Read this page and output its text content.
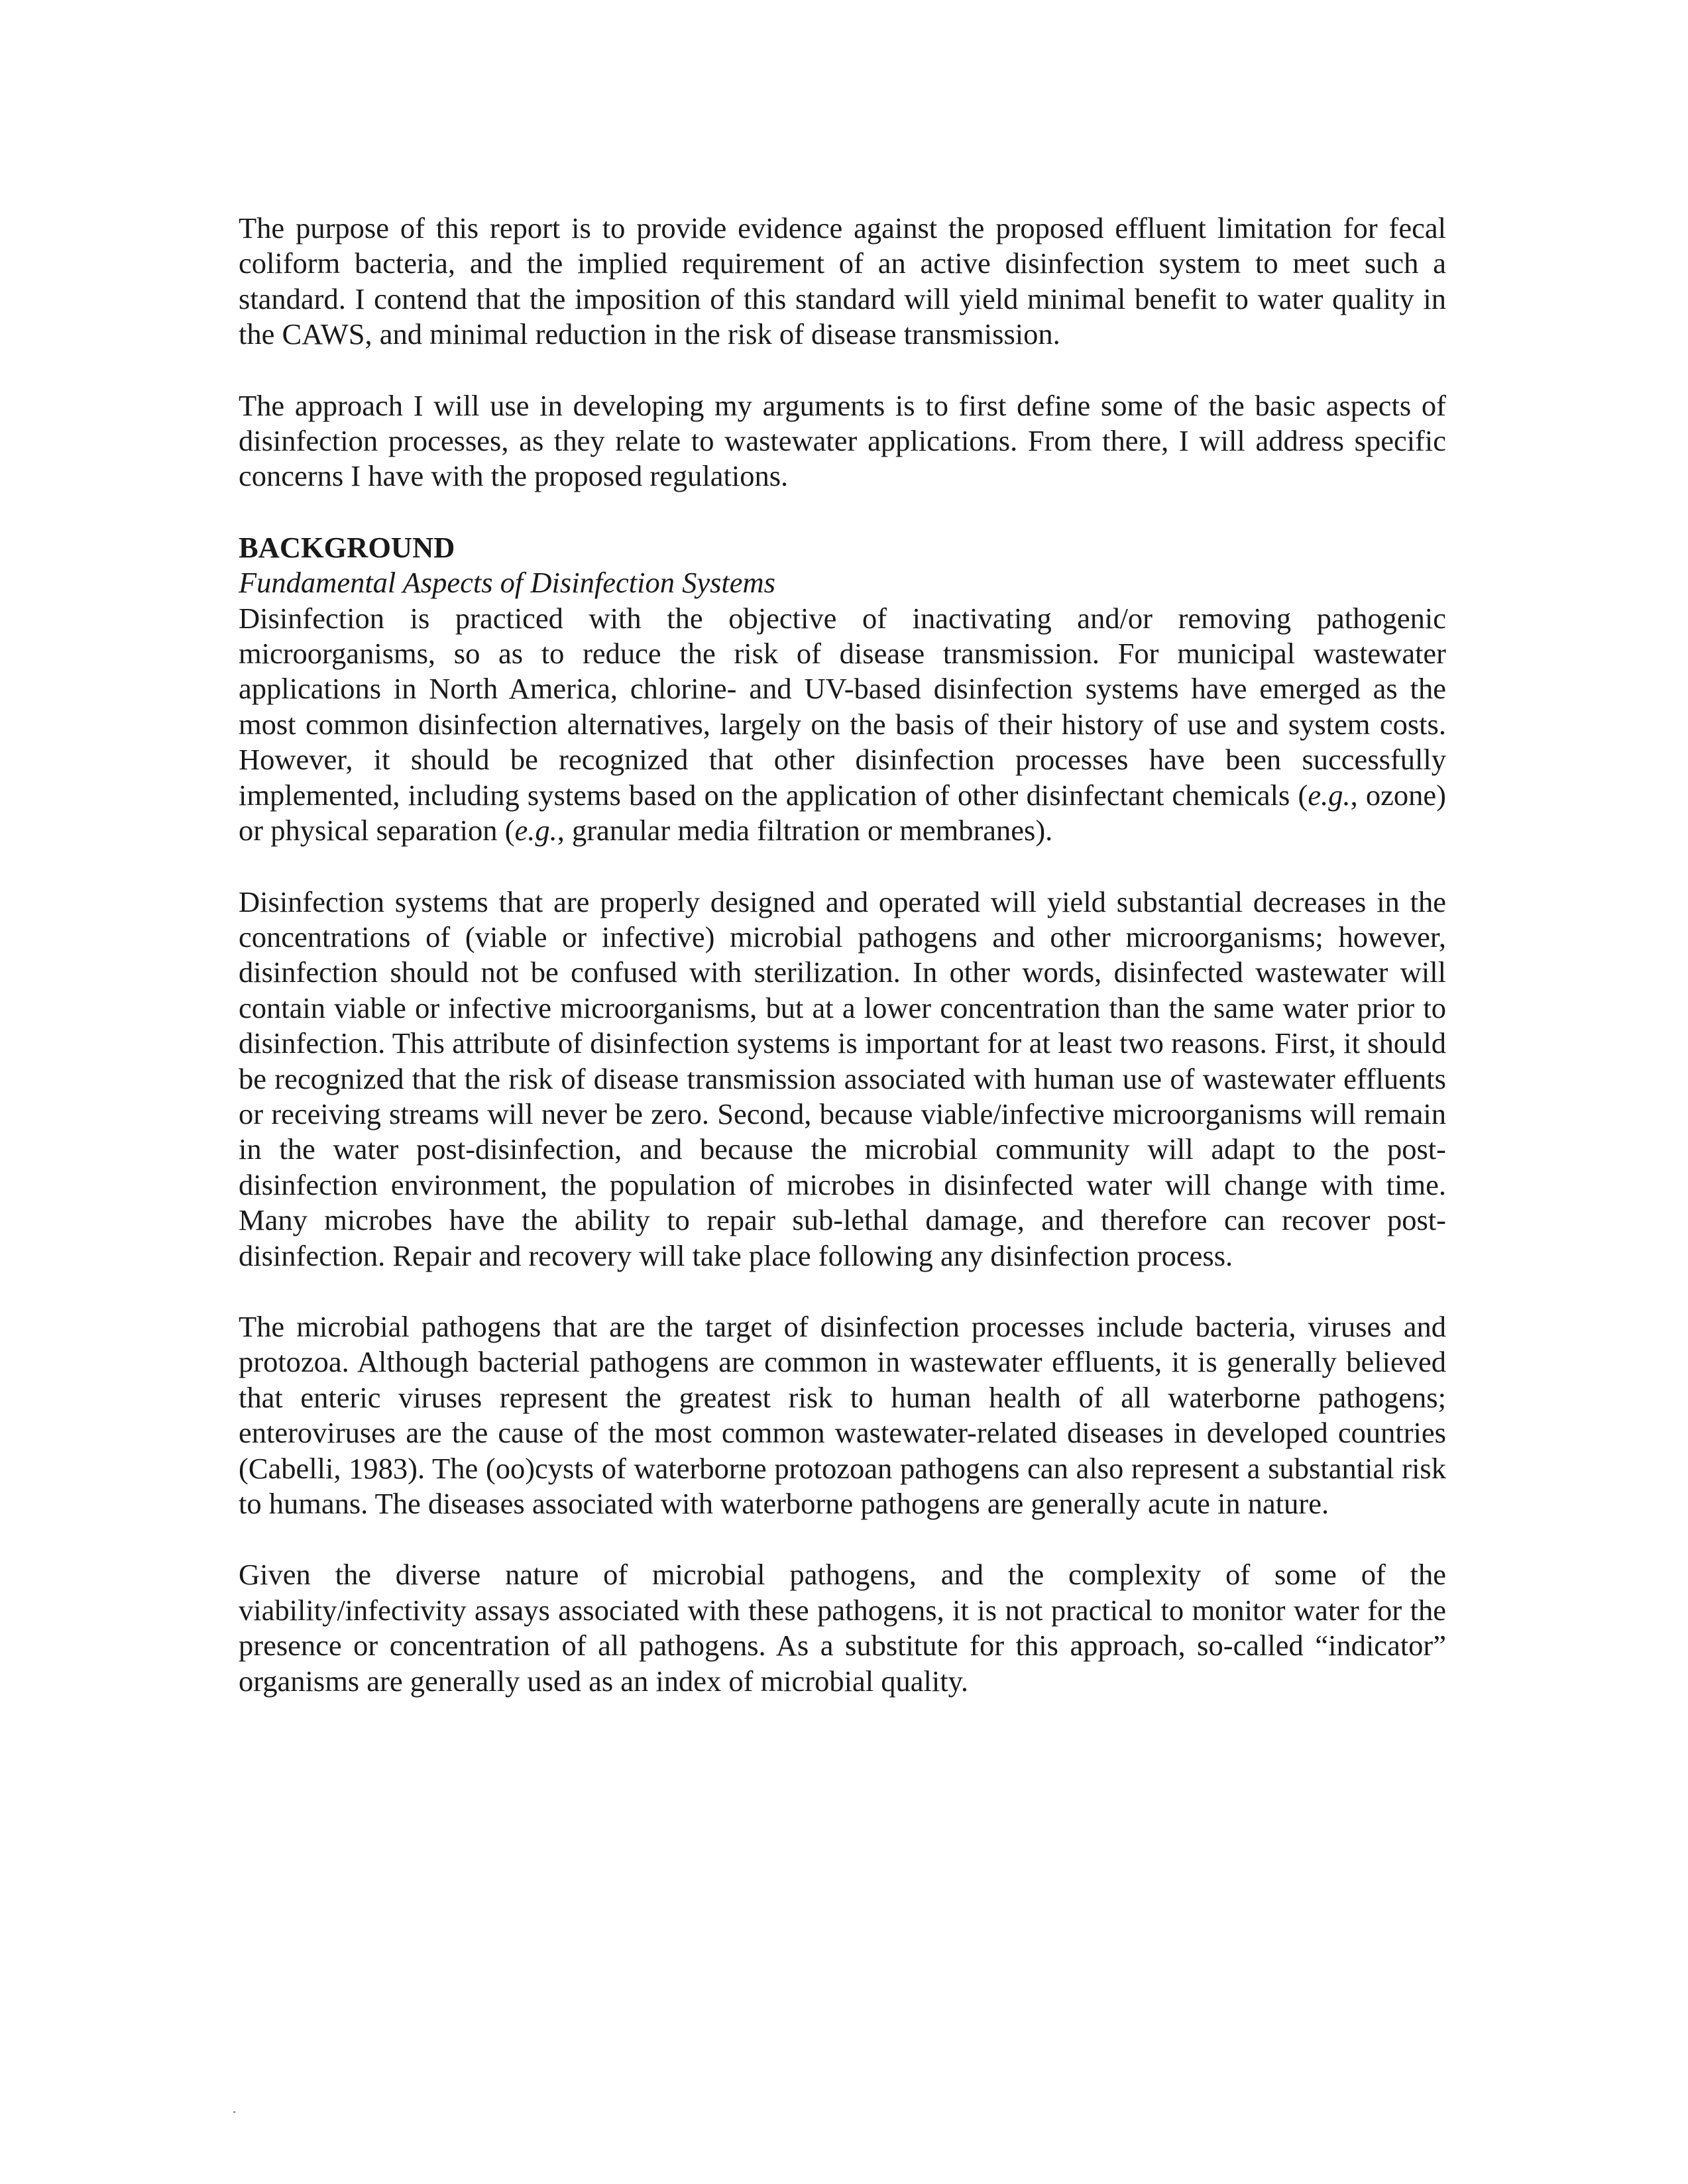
The purpose of this report is to provide evidence against the proposed effluent limitation for fecal coliform bacteria, and the implied requirement of an active disinfection system to meet such a standard. I contend that the imposition of this standard will yield minimal benefit to water quality in the CAWS, and minimal reduction in the risk of disease transmission.

The approach I will use in developing my arguments is to first define some of the basic aspects of disinfection processes, as they relate to wastewater applications. From there, I will address specific concerns I have with the proposed regulations.

BACKGROUND
Fundamental Aspects of Disinfection Systems

Disinfection is practiced with the objective of inactivating and/or removing pathogenic microorganisms, so as to reduce the risk of disease transmission. For municipal wastewater applications in North America, chlorine- and UV-based disinfection systems have emerged as the most common disinfection alternatives, largely on the basis of their history of use and system costs. However, it should be recognized that other disinfection processes have been successfully implemented, including systems based on the application of other disinfectant chemicals (e.g., ozone) or physical separation (e.g., granular media filtration or membranes).

Disinfection systems that are properly designed and operated will yield substantial decreases in the concentrations of (viable or infective) microbial pathogens and other microorganisms; however, disinfection should not be confused with sterilization. In other words, disinfected wastewater will contain viable or infective microorganisms, but at a lower concentration than the same water prior to disinfection. This attribute of disinfection systems is important for at least two reasons. First, it should be recognized that the risk of disease transmission associated with human use of wastewater effluents or receiving streams will never be zero. Second, because viable/infective microorganisms will remain in the water post-disinfection, and because the microbial community will adapt to the post-disinfection environment, the population of microbes in disinfected water will change with time. Many microbes have the ability to repair sub-lethal damage, and therefore can recover post-disinfection. Repair and recovery will take place following any disinfection process.

The microbial pathogens that are the target of disinfection processes include bacteria, viruses and protozoa. Although bacterial pathogens are common in wastewater effluents, it is generally believed that enteric viruses represent the greatest risk to human health of all waterborne pathogens; enteroviruses are the cause of the most common wastewater-related diseases in developed countries (Cabelli, 1983). The (oo)cysts of waterborne protozoan pathogens can also represent a substantial risk to humans. The diseases associated with waterborne pathogens are generally acute in nature.

Given the diverse nature of microbial pathogens, and the complexity of some of the viability/infectivity assays associated with these pathogens, it is not practical to monitor water for the presence or concentration of all pathogens. As a substitute for this approach, so-called “indicator” organisms are generally used as an index of microbial quality.
